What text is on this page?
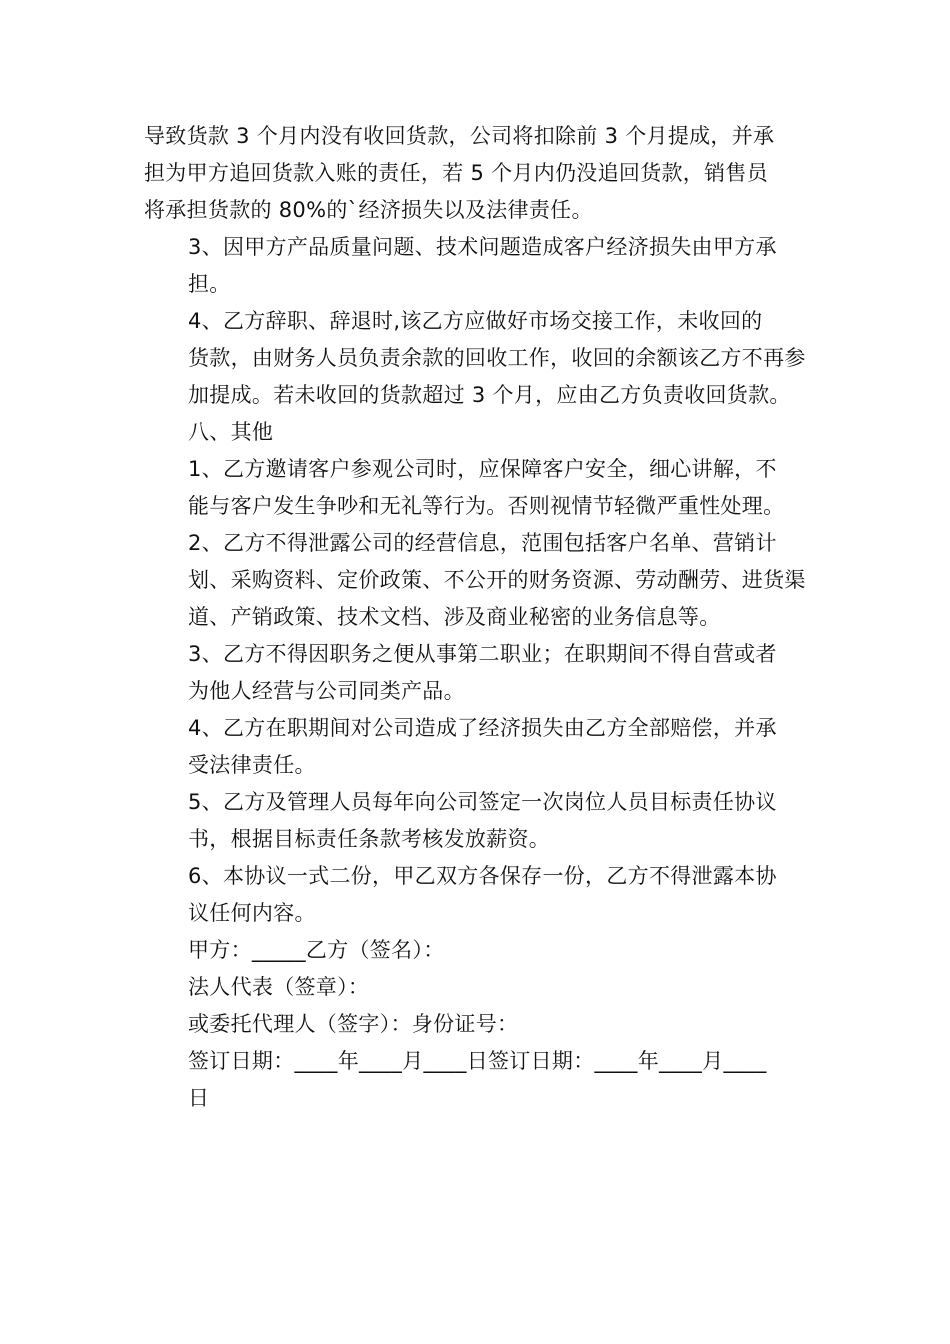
导致货款 3 个月内没有收回货款，公司将扣除前 3 个月提成，并承
担为甲方追回货款入账的责任，若 5 个月内仍没追回货款，销售员
将承担货款的 80%的`经济损失以及法律责任。
3、因甲方产品质量问题、技术问题造成客户经济损失由甲方承
担。
4、乙方辞职、辞退时,该乙方应做好市场交接工作，未收回的
货款，由财务人员负责余款的回收工作，收回的余额该乙方不再参
加提成。若未收回的货款超过 3 个月，应由乙方负责收回货款。
八、其他
1、乙方邀请客户参观公司时，应保障客户安全，细心讲解，不
能与客户发生争吵和无礼等行为。否则视情节轻微严重性处理。
2、乙方不得泄露公司的经营信息，范围包括客户名单、营销计
划、采购资料、定价政策、不公开的财务资源、劳动酬劳、进货渠
道、产销政策、技术文档、涉及商业秘密的业务信息等。
3、乙方不得因职务之便从事第二职业；在职期间不得自营或者
为他人经营与公司同类产品。
4、乙方在职期间对公司造成了经济损失由乙方全部赔偿，并承
受法律责任。
5、乙方及管理人员每年向公司签定一次岗位人员目标责任协议
书，根据目标责任条款考核发放薪资。
6、本协议一式二份，甲乙双方各保存一份，乙方不得泄露本协
议任何内容。
甲方：_____乙方（签名）：
法人代表（签章）：
或委托代理人（签字）：身份证号：
签订日期：____年____月____日签订日期：____年____月____
日
